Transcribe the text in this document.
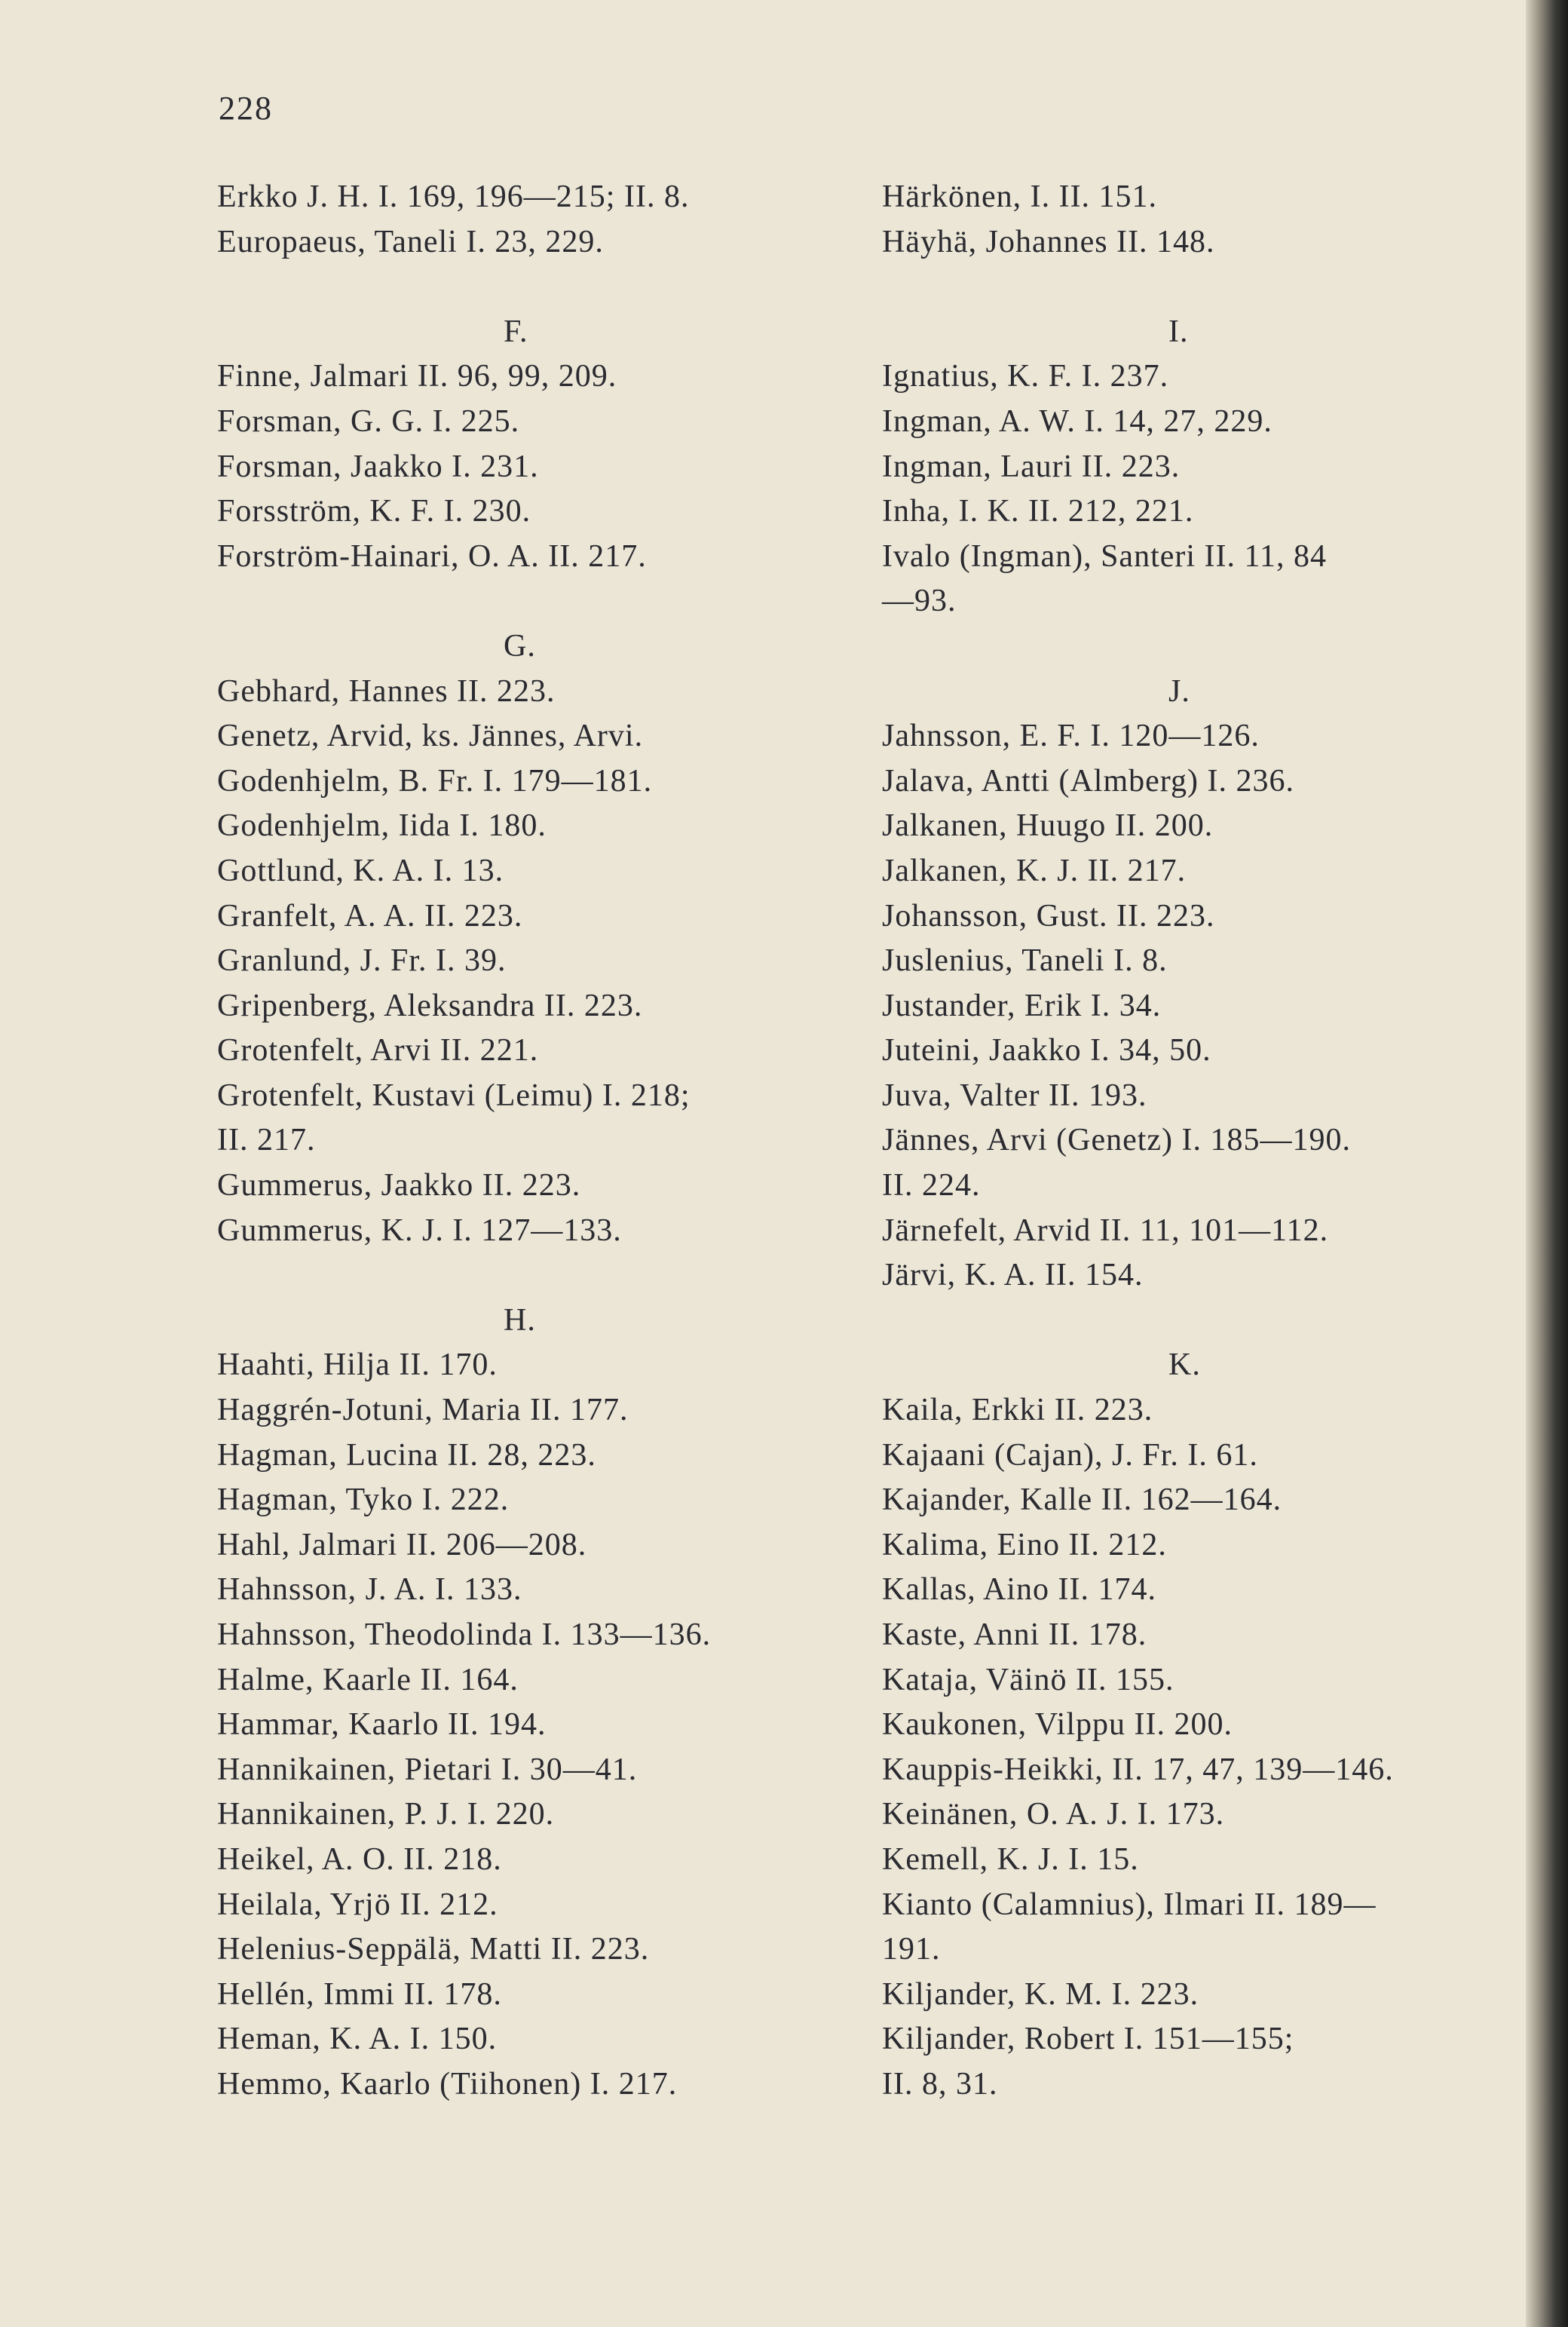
228
Erkko J. H. I. 169, 196—215; II. 8.
Europaeus, Taneli I. 23, 229.
F.
Finne, Jalmari II. 96, 99, 209.
Forsman, G. G. I. 225.
Forsman, Jaakko I. 231.
Forsström, K. F. I. 230.
Forström-Hainari, O. A. II. 217.
G.
Gebhard, Hannes II. 223.
Genetz, Arvid, ks. Jännes, Arvi.
Godenhjelm, B. Fr. I. 179—181.
Godenhjelm, Iida I. 180.
Gottlund, K. A. I. 13.
Granfelt, A. A. II. 223.
Granlund, J. Fr. I. 39.
Gripenberg, Aleksandra II. 223.
Grotenfelt, Arvi II. 221.
Grotenfelt, Kustavi (Leimu) I. 218;
II. 217.
Gummerus, Jaakko II. 223.
Gummerus, K. J. I. 127—133.
H.
Haahti, Hilja II. 170.
Haggrén-Jotuni, Maria II. 177.
Hagman, Lucina II. 28, 223.
Hagman, Tyko I. 222.
Hahl, Jalmari II. 206—208.
Hahnsson, J. A. I. 133.
Hahnsson, Theodolinda I. 133—136.
Halme, Kaarle II. 164.
Hammar, Kaarlo II. 194.
Hannikainen, Pietari I. 30—41.
Hannikainen, P. J. I. 220.
Heikel, A. O. II. 218.
Heilala, Yrjö II. 212.
Helenius-Seppälä, Matti II. 223.
Hellén, Immi II. 178.
Heman, K. A. I. 150.
Hemmo, Kaarlo (Tiihonen) I. 217.
Härkönen, I. II. 151.
Häyhä, Johannes II. 148.
I.
Ignatius, K. F. I. 237.
Ingman, A. W. I. 14, 27, 229.
Ingman, Lauri II. 223.
Inha, I. K. II. 212, 221.
Ivalo (Ingman), Santeri II. 11, 84
—93.
J.
Jahnsson, E. F. I. 120—126.
Jalava, Antti (Almberg) I. 236.
Jalkanen, Huugo II. 200.
Jalkanen, K. J. II. 217.
Johansson, Gust. II. 223.
Juslenius, Taneli I. 8.
Justander, Erik I. 34.
Juteini, Jaakko I. 34, 50.
Juva, Valter II. 193.
Jännes, Arvi (Genetz) I. 185—190.
II. 224.
Järnefelt, Arvid II. 11, 101—112.
Järvi, K. A. II. 154.
K.
Kaila, Erkki II. 223.
Kajaani (Cajan), J. Fr. I. 61.
Kajander, Kalle II. 162—164.
Kalima, Eino II. 212.
Kallas, Aino II. 174.
Kaste, Anni II. 178.
Kataja, Väinö II. 155.
Kaukonen, Vilppu II. 200.
Kauppis-Heikki, II. 17, 47, 139—146.
Keinänen, O. A. J. I. 173.
Kemell, K. J. I. 15.
Kianto (Calamnius), Ilmari II. 189—
191.
Kiljander, K. M. I. 223.
Kiljander, Robert I. 151—155;
II. 8, 31.
